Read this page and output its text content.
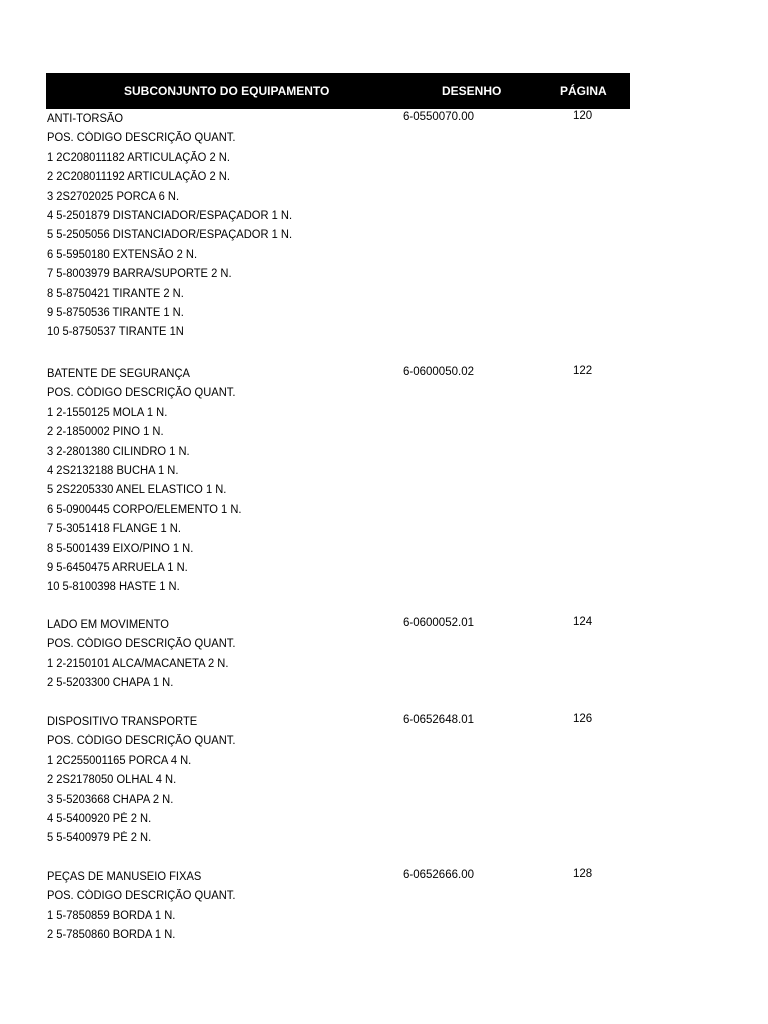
SUBCONJUNTO DO EQUIPAMENTO	DESENHO	PÁGINA
ANTI-TORSÃO	6-0550070.00	120
POS. CÓDIGO DESCRIÇÃO QUANT.
1 2C208011182 ARTICULAÇÃO 2 N.
2 2C208011192 ARTICULAÇÃO 2 N.
3 2S2702025 PORCA 6 N.
4 5-2501879 DISTANCIADOR/ESPAÇADOR 1 N.
5 5-2505056 DISTANCIADOR/ESPAÇADOR 1 N.
6 5-5950180 EXTENSÃO 2 N.
7 5-8003979 BARRA/SUPORTE 2 N.
8 5-8750421 TIRANTE 2 N.
9 5-8750536 TIRANTE 1 N.
10 5-8750537 TIRANTE 1N
BATENTE DE SEGURANÇA	6-0600050.02	122
POS. CÓDIGO DESCRIÇÃO QUANT.
1 2-1550125 MOLA 1 N.
2 2-1850002 PINO 1 N.
3 2-2801380 CILINDRO 1 N.
4 2S2132188 BUCHA 1 N.
5 2S2205330 ANEL ELASTICO 1 N.
6 5-0900445 CORPO/ELEMENTO 1 N.
7 5-3051418 FLANGE 1 N.
8 5-5001439 EIXO/PINO 1 N.
9 5-6450475 ARRUELA 1 N.
10 5-8100398 HASTE 1 N.
LADO EM MOVIMENTO	6-0600052.01	124
POS. CÓDIGO DESCRIÇÃO QUANT.
1 2-2150101 ALCA/MACANETA 2 N.
2 5-5203300 CHAPA 1 N.
DISPOSITIVO TRANSPORTE	6-0652648.01	126
POS. CÓDIGO DESCRIÇÃO QUANT.
1 2C255001165 PORCA 4 N.
2 2S2178050 OLHAL 4 N.
3 5-5203668 CHAPA 2 N.
4 5-5400920 PÉ 2 N.
5 5-5400979 PÉ 2 N.
PEÇAS DE MANUSEIO FIXAS	6-0652666.00	128
POS. CÓDIGO DESCRIÇÃO QUANT.
1 5-7850859 BORDA 1 N.
2 5-7850860 BORDA 1 N.
